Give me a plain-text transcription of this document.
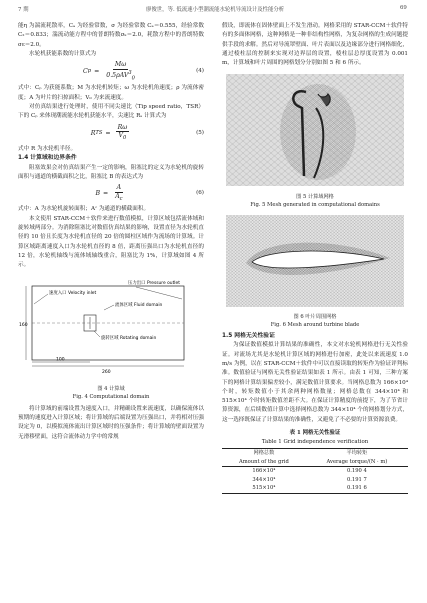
7 期	廖俊世，等. 低流速小型潮流能水轮机导流设计及性能分析	69

能η 为湍流耗散率，Cₐ 为经验常数，σ 为经验常数 Cₐ＝0.555，经验常数 C₂＝0.833；湍流动能方程中的普朗特数σₖ＝2.0，耗散方程中的普朗特数σε＝2.0。

水轮机获能系数的计算式为

C $p = \frac{M\omega}{0.5\rho AV^3_0}$	(4)

式中：Cₚ 为获能系数；M 为水轮机转矩；ω 为水轮机角速度；ρ 为流体密度；A 为叶片的扫掠面积；V₀ 为来流速度。

对仿真结果进行处理时，使用不同尖速比（Tip speed ratio，TSR）下的 Cₚ 来体现潮流能水轮机获能水平，尖速比 Rₛ 计算式为

R TS = $\frac{R\omega}{V_0}$	(5)

式中 R 为水轮机半径。

1.4 计算域和边界条件

阻塞效果会对仿真结果产生一定的影响，阻塞比的定义为水轮机的旋转面积与通道的横截面积之比，阻塞比 B 的表达式为

$B = \frac{A}{A_c}$	(6)

式中：A 为水轮机旋转面积；Aᶜ 为通道的横截面积。

本文使用 STAR-CCM＋软件来进行数值模拟，计算区域包括流体域和旋转域两部分。为消除阻塞比对数值仿真结果的影响，设置直径为水轮机直径的 10 倍且长度为水轮机直径的 20 倍的圆柱区域作为流场的计算域。计算区域距离速度入口为水轮机直径的 8 倍，距离压强出口为水轮机直径的 12 倍，水轮机轴线与流体域轴线重合，阻塞比为 1%，计算域如图 4 所示。

160
260
100
速度入口 Velocity inlet
压力出口 Pressure outlet
流体区域 Fluid domain
旋转区域 Rotating domain
图 4 计算域
Fig. 4 Computational domain

将计算域的前端设置为速度入口，并精确设置来流速度，以确保流体以预期的速度进入计算区域；将计算域的后端设置为压强出口，并将相对压强设定为 0，以模拟流体流出计算区域时的压强条件；将计算域的壁面设置为无滑移壁面，这符合流体动力学中的常规

假设，即流体在固体壁面上不发生滑动。网格采用的 STAR-CCM＋软件特有的多面体网格，这种网格是一种非结构性网格，为复杂网格的生成问题提供手段的求解。然后对导流罩壁面、叶片表面以及边缘部分进行网格细化，通过棱柱层的控制来实现对边界层的设置，棱柱层总厚度设置为 0.001 m，计算域和叶片周围的网格划分分别如图 5 和 6 所示。

图 5 计算域网格
Fig. 5 Mesh generated in computational domains
图 6 叶片周围网格
Fig. 6 Mesh around turbine blade

1.5 网格无关性验证

为保证数值模拟计算结果的准确性，本文对水轮机网格进行无关性验证。对流场尤其是水轮机计算区域的网格进行加密，此处以来流速度 1.0 m/s 为例，以在 STAR-CCM＋软件中可以直接读取的转矩作为验证评判标准。数值验证与网格无关性验证结果如表 1 所示。由表 1 可知，三种方案下的网格计算结果偏差较小，满足数值计算要求。当网格总数为 166×10⁴ 个时，转矩数值小于其余两种网格数量；网格总数在 344×10⁴ 和 515×10⁴ 个时转矩数值差距不大。在保证计算精度的前提下，为了节省计算资源，在后续数值计算中选择网格总数为 344×10⁴ 个的网格划分方式，这一选择既保证了计算结果的准确性，又避免了不必要的计算资源浪费。

表 1 网格无关性验证
Table 1 Grid independence verification
网格总数	平均转矩
Amount of the grid	Average torque/(N · m)
166×10⁴	0.190 4
344×10⁴	0.191 7
515×10⁴	0.191 6
